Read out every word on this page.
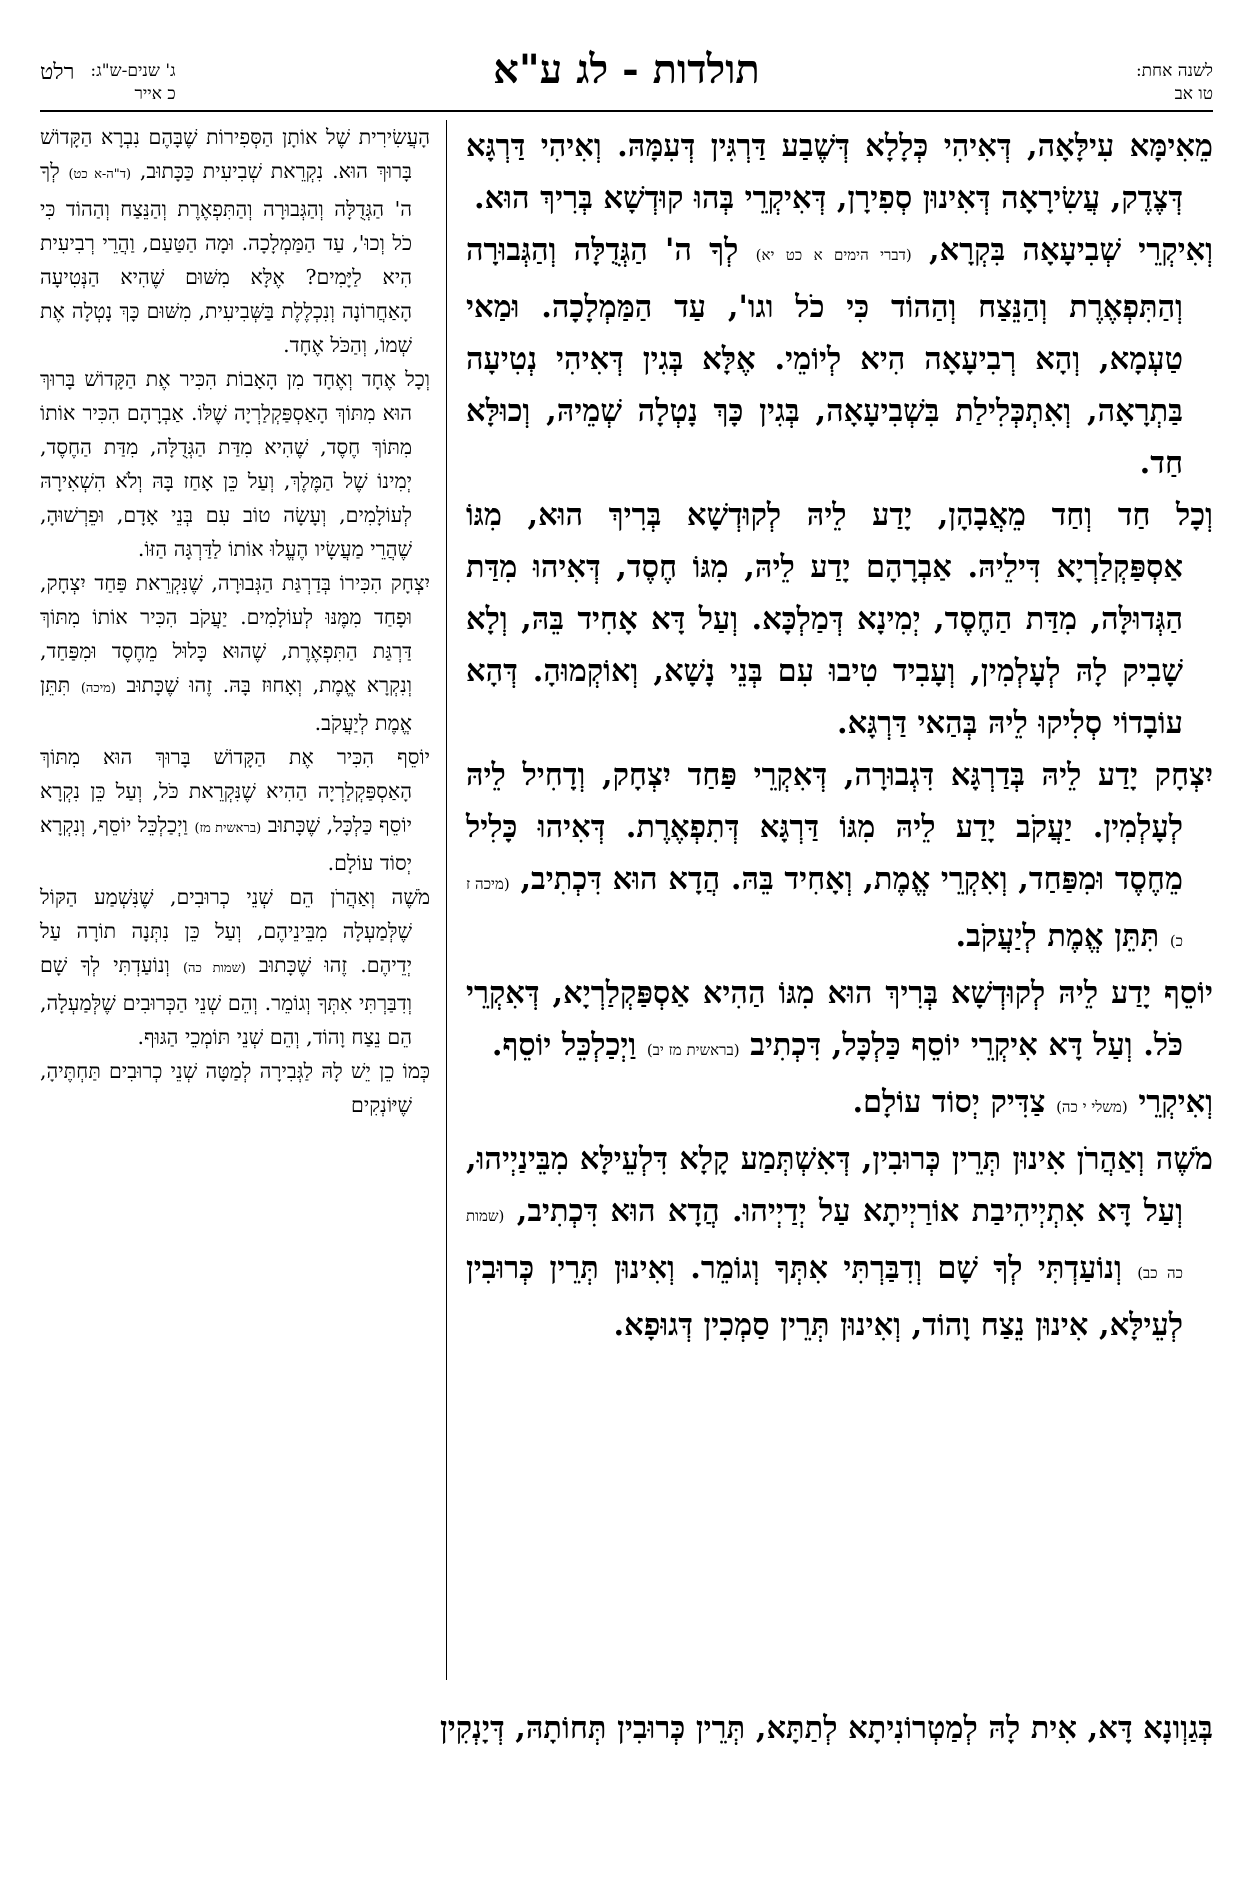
לשנה אחת:
טו אב
תולדות - לג ע"א
ג' שנים-ש"ג:
כ אייר
רלט

מֵאִימָּא עִילָּאָה, דְּאִיהִי כְּלָלָא דְּשֶׁבַע דַּרְגִּין דְּעִמָּהּ. וְאִיהִי דַּרְגָּא דְּצֶדֶק, עֲשִׂירָאָה דְּאִינוּן סְפִירָן, דְּאִיקְרֵי בְּהוּ קוּדְשָׁא בְּרִיךְ הוּא.

וְאִיקְרֵי שְׁבִיעָאָה בִּקְרָא, (דברי הימים א כט יא) לְךָ ה' הַגְּדֻלָּה וְהַגְּבוּרָה וְהַתִּפְאֶרֶת וְהַנֵּצַח וְהַהוֹד כִּי כֹל וגו', עַד הַמַּמְלָכָה. וּמַאי טַעְמָא, וְהָא רְבִיעָאָה הִיא לְיוֹמֵי. אֶלָּא בְּגִין דְּאִיהִי נְטִיעָה בַּתְרָאָה, וְאִתְכְּלִילַת בִּשְׁבִיעָאָה, בְּגִין כָּךְ נָטְלָה שְׁמֵיהּ, וְכוּלָּא חַד.

וְכָל חַד וְחַד מֵאֲבָהָן, יָדַע לֵיהּ לְקוּדְשָׁא בְּרִיךְ הוּא, מִגּוֹ אַסְפַּקְלַרְיָא דִּילֵיהּ. אַבְרָהָם יָדַע לֵיהּ, מִגּוֹ חֶסֶד, דְּאִיהוּ מִדַּת הַגְּדוּלָּה, מִדַּת הַחֶסֶד, יְמִינָא דְּמַלְכָּא. וְעַל דָּא אָחִיד בֵּהּ, וְלָא שָׁבִיק לָהּ לְעָלְמִין, וְעָבִיד טִיבוּ עִם בְּנֵי נָשָׁא, וְאוֹקְמוּהָ. דְּהָא עוֹבָדוֹי סְלִיקוּ לֵיהּ בְּהַאי דַּרְגָּא.

יִצְחָק יָדַע לֵיהּ בְּדַרְגָּא דִּגְבוּרָה, דְּאִקְרֵי פַּחַד יִצְחָק, וְדָחִיל לֵיהּ לְעָלְמִין. יַעֲקֹב יָדַע לֵיהּ מִגּוֹ דַּרְגָּא דְּתִפְאֶרֶת. דְּאִיהוּ כָּלִיל מֵחֶסֶד וּמִפַּחַד, וְאִקְרֵי אֱמֶת, וְאָחִיד בֵּהּ. הֲדָא הוּא דִּכְתִיב, (מיכה ז כ) תִּתֵּן אֱמֶת לְיַעֲקֹב.

יוֹסֵף יָדַע לֵיהּ לְקוּדְשָׁא בְּרִיךְ הוּא מִגּוֹ הַהִיא אַסְפַּקְלַרְיָא, דְּאִקְרֵי כֹּל. וְעַל דָּא אִיקְרֵי יוֹסֵף כַּלְכָּל, דִּכְתִיב (בראשית מז יב) וַיְכַלְכֵּל יוֹסֵף.

וְאִיקְרֵי (משלי י כה) צַדִּיק יְסוֹד עוֹלָם.

מֹשֶׁה וְאַהֲרֹן אִינוּן תְּרֵין כְּרוּבִין, דְּאִשְׁתְּמַע קָלָא דִּלְעֵילָּא מִבֵּינַיְיהוּ, וְעַל דָּא אִתְיְיהִיבַת אוֹרַיְיתָא עַל יְדַיְיהוּ. הֲדָא הוּא דִּכְתִיב, (שמות כה כב) וְנוֹעַדְתִּי לְךָ שָׁם וְדִבַּרְתִּי אִתְּךָ וְגוֹמֵר. וְאִינוּן תְּרֵין כְּרוּבִין לְעֵילָּא, אִינוּן נֵצַח וָהוֹד, וְאִינוּן תְּרֵין סַמְכִין דְּגוּפָא.

הָעֲשִׂירִית שֶׁל אוֹתָן הַסְּפִירוֹת שֶׁבָּהֶם נִבְרָא הַקָּדוֹשׁ בָּרוּךְ הוּא. נִקְרֵאת שְׁבִיעִית כַּכָּתוּב, (ד"ה-א כט) לְךָ ה' הַגְּדֻלָּה וְהַגְּבוּרָה וְהַתִּפְאֶרֶת וְהַנֵּצַח וְהַהוֹד כִּי כֹל וְכוּ', עַד הַמַּמְלָכָה. וּמָה הַטַּעַם, וַהֲרֵי רְבִיעִית הִיא לַיָּמִים? אֶלָּא מִשּׁוּם שֶׁהִיא הַנְּטִיעָה הָאַחֲרוֹנָה וְנִכְלֶלֶת בַּשְּׁבִיעִית, מִשּׁוּם כָּךְ נָטְלָה אֶת שְׁמוֹ, וְהַכֹּל אֶחָד.

וְכָל אֶחָד וְאֶחָד מִן הָאָבוֹת הִכִּיר אֶת הַקָּדוֹשׁ בָּרוּךְ הוּא מִתּוֹךְ הָאַסְפַּקְלַרְיָה שֶׁלּוֹ. אַבְרָהָם הִכִּיר אוֹתוֹ מִתּוֹךְ חֶסֶד, שֶׁהִיא מִדַּת הַגְּדֻלָּה, מִדַּת הַחֶסֶד, יְמִינוֹ שֶׁל הַמֶּלֶךְ, וְעַל כֵּן אָחַז בָּהּ וְלֹא הִשְׁאִירָהּ לְעוֹלָמִים, וְעָשָׂה טוֹב עִם בְּנֵי אָדָם, וּפֵרְשׁוּהָ, שֶׁהֲרֵי מַעֲשָׂיו הֶעֱלוּ אוֹתוֹ לַדַּרְגָּה הַזּוֹ.

יִצְחָק הִכִּירוֹ בְּדַרְגַּת הַגְּבוּרָה, שֶׁנִּקְרֵאת פַּחַד יִצְחָק, וּפָחַד מִמֶּנּוּ לְעוֹלָמִים. יַעֲקֹב הִכִּיר אוֹתוֹ מִתּוֹךְ דַּרְגַּת הַתִּפְאֶרֶת, שֶׁהוּא כָּלוּל מֵחֶסֶד וּמִפַּחַד, וְנִקְרָא אֱמֶת, וְאָחוּז בָּהּ. זֶהוּ שֶׁכָּתוּב (מיכה) תִּתֵּן אֱמֶת לְיַעֲקֹב.

יוֹסֵף הִכִּיר אֶת הַקָּדוֹשׁ בָּרוּךְ הוּא מִתּוֹךְ הָאַסְפַּקְלַרְיָה הַהִיא שֶׁנִּקְרֵאת כֹּל, וְעַל כֵּן נִקְרָא יוֹסֵף כַּלְכָּל, שֶׁכָּתוּב (בראשית מז) וַיְכַלְכֵּל יוֹסֵף, וְנִקְרָא יְסוֹד עוֹלָם.

מֹשֶׁה וְאַהֲרֹן הֵם שְׁנֵי כְרוּבִים, שֶׁנִּשְׁמַע הַקּוֹל שֶׁלְּמַעְלָה מִבֵּינֵיהֶם, וְעַל כֵּן נִתְּנָה תוֹרָה עַל יְדֵיהֶם. זֶהוּ שֶׁכָּתוּב (שמות כה) וְנוֹעַדְתִּי לְךָ שָׁם וְדִבַּרְתִּי אִתְּךָ וְגוֹמֵר. וְהֵם שְׁנֵי הַכְּרוּבִים שֶׁלְּמַעְלָה, הֵם נֵצַח וָהוֹד, וְהֵם שְׁנֵי תּוֹמְכֵי הַגּוּף.

כְּמוֹ כֵן יֵשׁ לָהּ לַגְּבִירָה לְמַטָּה שְׁנֵי כְרוּבִים תַּחְתֶּיהָ, שֶׁיּוֹנְקִים

בְּגַוְונָא דָּא, אִית לָהּ לְמַטְרוֹנִיתָא לְתַתָּא, תְּרֵין כְּרוּבִין תְּחוֹתָהּ, דְּיָנְקִין
